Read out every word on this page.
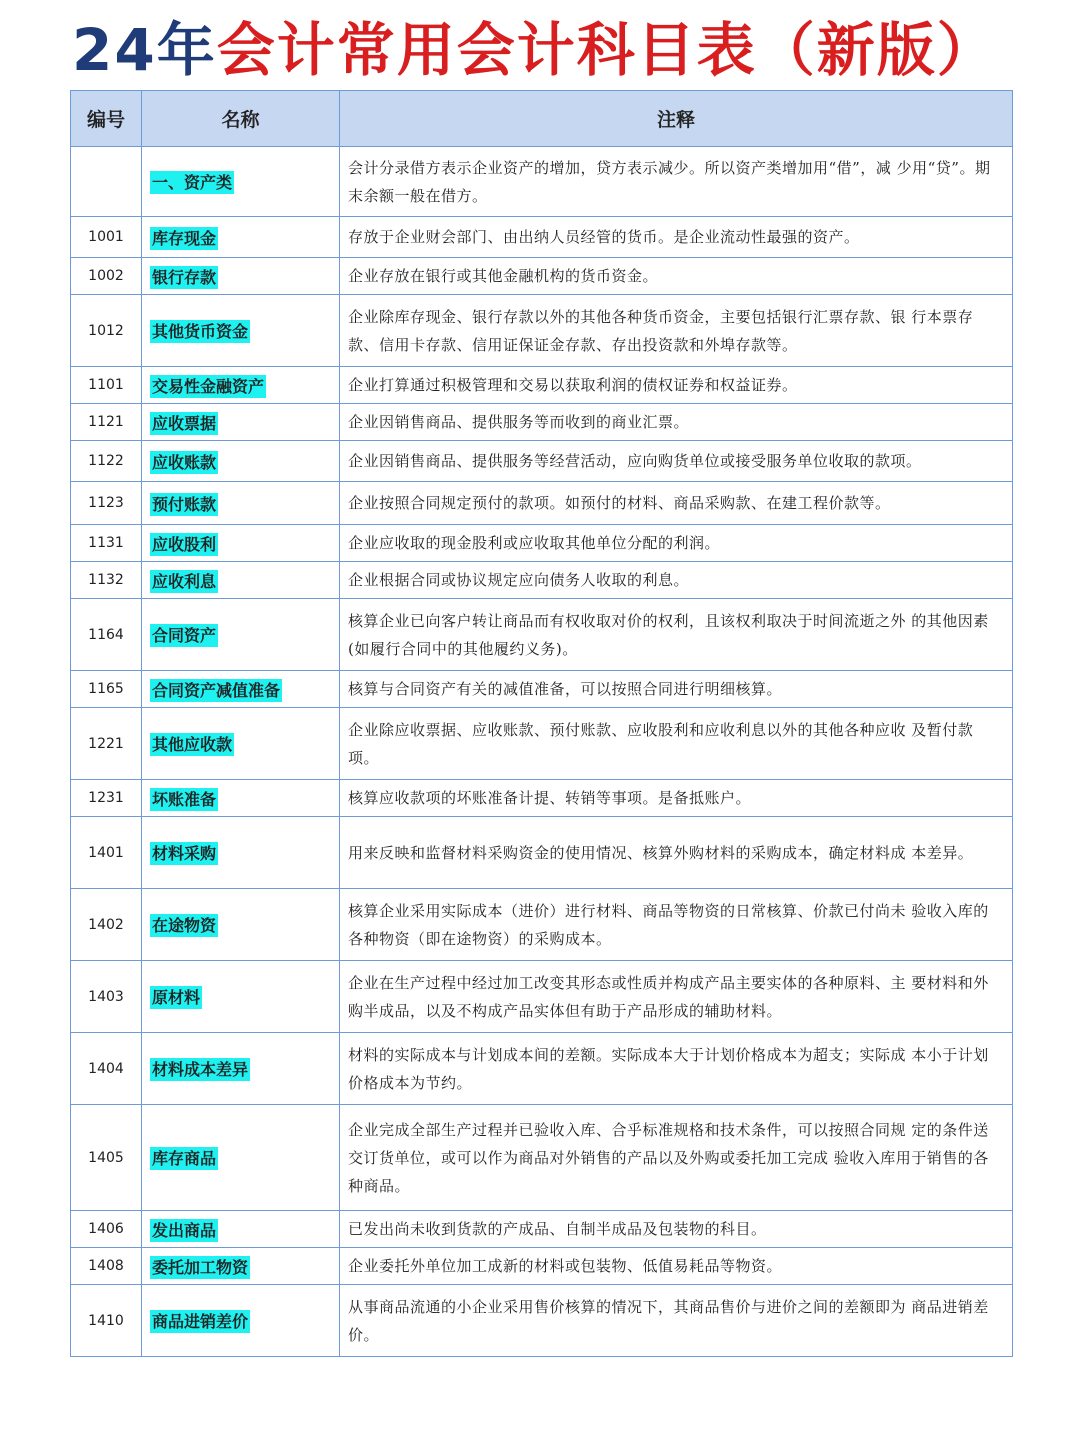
24年会计常用会计科目表（新版）
编号	名称	注释
	一、资产类	会计分录借方表示企业资产的增加，贷方表示减少。所以资产类增加用“借”，减 少用“贷”。期末余额一般在借方。
1001	库存现金	存放于企业财会部门、由出纳人员经管的货币。是企业流动性最强的资产。
1002	银行存款	企业存放在银行或其他金融机构的货币资金。
1012	其他货币资金	企业除库存现金、银行存款以外的其他各种货币资金，主要包括银行汇票存款、银 行本票存款、信用卡存款、信用证保证金存款、存出投资款和外埠存款等。
1101	交易性金融资产	企业打算通过积极管理和交易以获取利润的债权证券和权益证券。
1121	应收票据	企业因销售商品、提供服务等而收到的商业汇票。
1122	应收账款	企业因销售商品、提供服务等经营活动，应向购货单位或接受服务单位收取的款项。
1123	预付账款	企业按照合同规定预付的款项。如预付的材料、商品采购款、在建工程价款等。
1131	应收股利	企业应收取的现金股利或应收取其他单位分配的利润。
1132	应收利息	企业根据合同或协议规定应向债务人收取的利息。
1164	合同资产	核算企业已向客户转让商品而有权收取对价的权利，且该权利取决于时间流逝之外 的其他因素(如履行合同中的其他履约义务)。
1165	合同资产减值准备	核算与合同资产有关的减值准备，可以按照合同进行明细核算。
1221	其他应收款	企业除应收票据、应收账款、预付账款、应收股利和应收利息以外的其他各种应收 及暂付款项。
1231	坏账准备	核算应收款项的坏账准备计提、转销等事项。是备抵账户。
1401	材料采购	用来反映和监督材料采购资金的使用情况、核算外购材料的采购成本，确定材料成 本差异。
1402	在途物资	核算企业采用实际成本（进价）进行材料、商品等物资的日常核算、价款已付尚未 验收入库的各种物资（即在途物资）的采购成本。
1403	原材料	企业在生产过程中经过加工改变其形态或性质并构成产品主要实体的各种原料、主 要材料和外购半成品，以及不构成产品实体但有助于产品形成的辅助材料。
1404	材料成本差异	材料的实际成本与计划成本间的差额。实际成本大于计划价格成本为超支；实际成 本小于计划价格成本为节约。
1405	库存商品	企业完成全部生产过程并已验收入库、合乎标准规格和技术条件，可以按照合同规 定的条件送交订货单位，或可以作为商品对外销售的产品以及外购或委托加工完成 验收入库用于销售的各种商品。
1406	发出商品	已发出尚未收到货款的产成品、自制半成品及包装物的科目。
1408	委托加工物资	企业委托外单位加工成新的材料或包装物、低值易耗品等物资。
1410	商品进销差价	从事商品流通的小企业采用售价核算的情况下，其商品售价与进价之间的差额即为 商品进销差价。
